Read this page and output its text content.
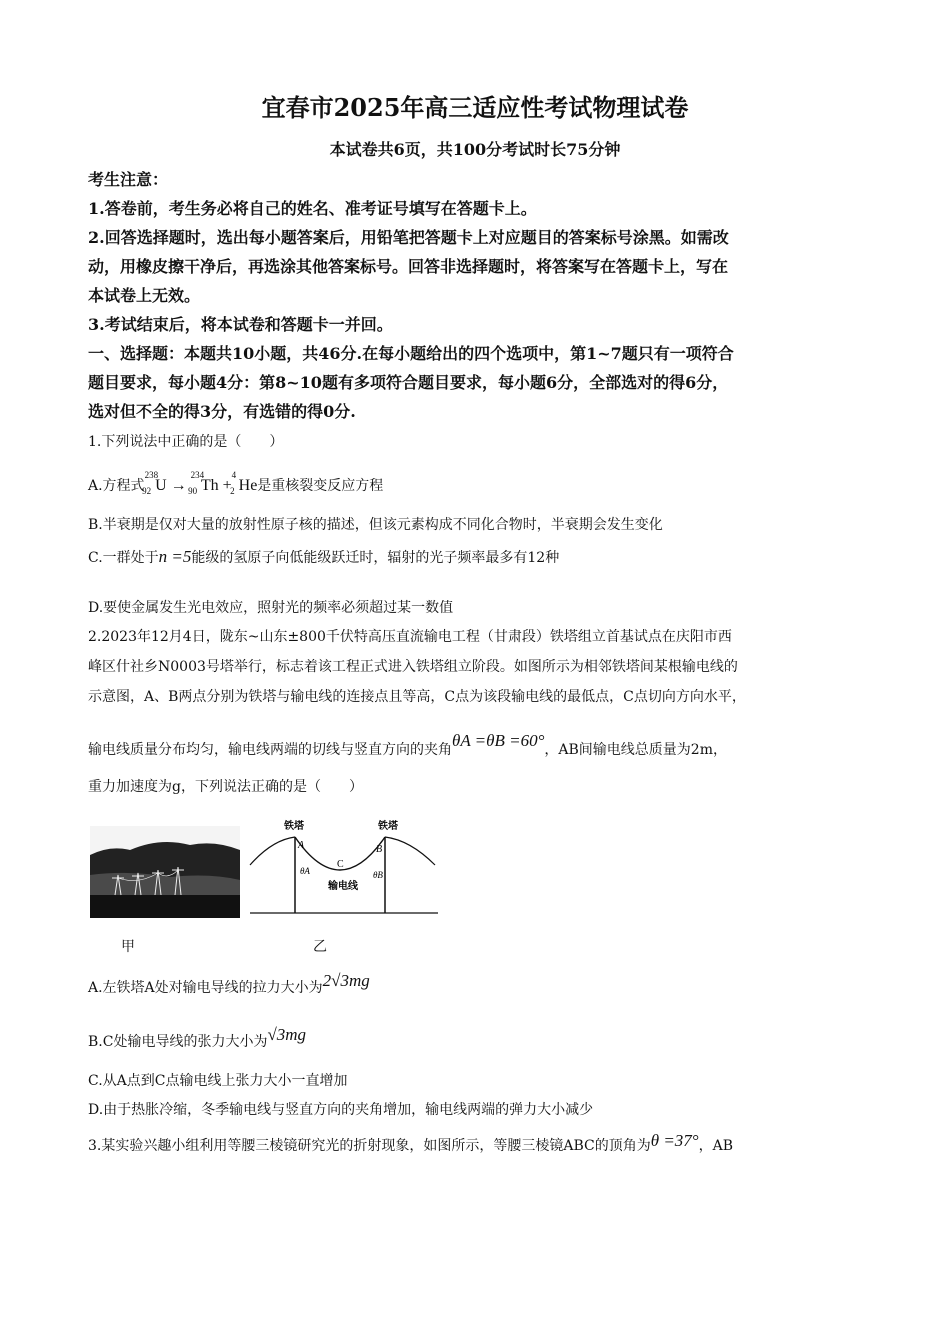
宜春市2025年高三适应性考试物理试卷
本试卷共6页，共100分考试时长75分钟
考生注意：
1.答卷前，考生务必将自己的姓名、准考证号填写在答题卡上。
2.回答选择题时，选出每小题答案后，用铅笔把答题卡上对应题目的答案标号涂黑。如需改
动，用橡皮擦干净后，再选涂其他答案标号。回答非选择题时，将答案写在答题卡上，写在
本试卷上无效。
3.考试结束后，将本试卷和答题卡一并回。
一、选择题：本题共10小题，共46分.在每小题给出的四个选项中，第1~7题只有一项符合
题目要求，每小题4分：第8~10题有多项符合题目要求，每小题6分，全部选对的得6分，
选对但不全的得3分，有选错的得0分.
1.下列说法中正确的是（　　）
A.方程式$^{238}_{92}$ U → $^{234}_{90}$ Th +$^4_2$ He是重核裂变反应方程
B.半衰期是仅对大量的放射性原子核的描述，但该元素构成不同化合物时，半衰期会发生变化
C.一群处于n =5能级的氢原子向低能级跃迁时，辐射的光子频率最多有12种
D.要使金属发生光电效应，照射光的频率必须超过某一数值
2.2023年12月4日，陇东~山东±800千伏特高压直流输电工程（甘肃段）铁塔组立首基试点在庆阳市西
峰区什社乡N0003号塔举行，标志着该工程正式进入铁塔组立阶段。如图所示为相邻铁塔间某根输电线的
示意图，A、B两点分别为铁塔与输电线的连接点且等高，C点为该段输电线的最低点，C点切向方向水平，
输电线质量分布均匀，输电线两端的切线与竖直方向的夹角θA =θB =60°，AB间输电线总质量为2m，
重力加速度为g，下列说法正确的是（　　）
铁塔	铁塔
A	B
C
θA	θB
输电线
甲	乙
A.左铁塔A处对输电导线的拉力大小为2√3mg
B.C处输电导线的张力大小为√3mg
C.从A点到C点输电线上张力大小一直增加
D.由于热胀冷缩，冬季输电线与竖直方向的夹角增加，输电线两端的弹力大小减少
3.某实验兴趣小组利用等腰三棱镜研究光的折射现象，如图所示，等腰三棱镜ABC的顶角为θ =37°，AB
